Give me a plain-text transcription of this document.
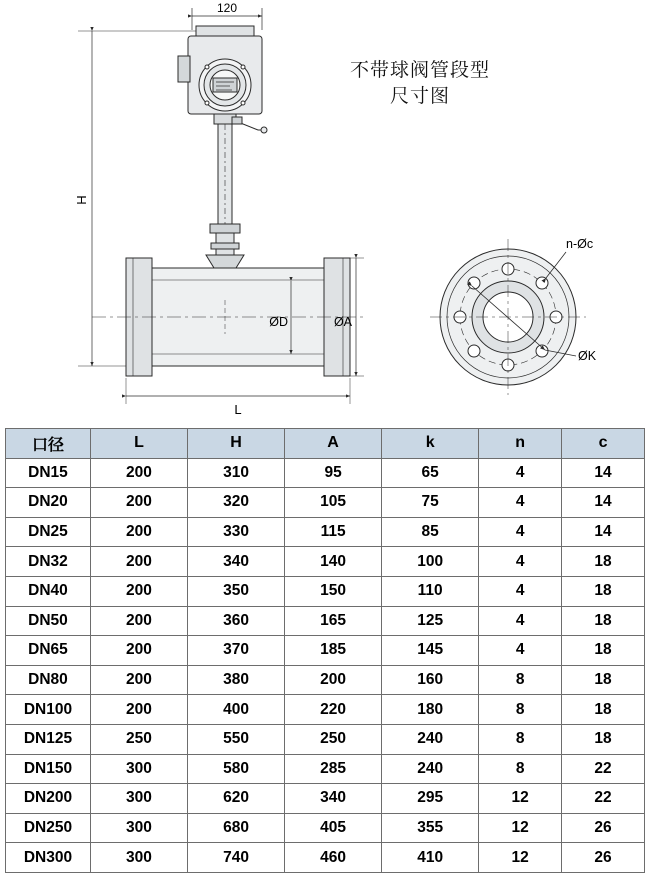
120
H
L
ØD	ØA
n-Øc
ØK
不带球阀管段型
尺寸图
口径	L	H	A	k	n	c
DN15	200	310	95	65	4	14
DN20	200	320	105	75	4	14
DN25	200	330	115	85	4	14
DN32	200	340	140	100	4	18
DN40	200	350	150	110	4	18
DN50	200	360	165	125	4	18
DN65	200	370	185	145	4	18
DN80	200	380	200	160	8	18
DN100	200	400	220	180	8	18
DN125	250	550	250	240	8	18
DN150	300	580	285	240	8	22
DN200	300	620	340	295	12	22
DN250	300	680	405	355	12	26
DN300	300	740	460	410	12	26
